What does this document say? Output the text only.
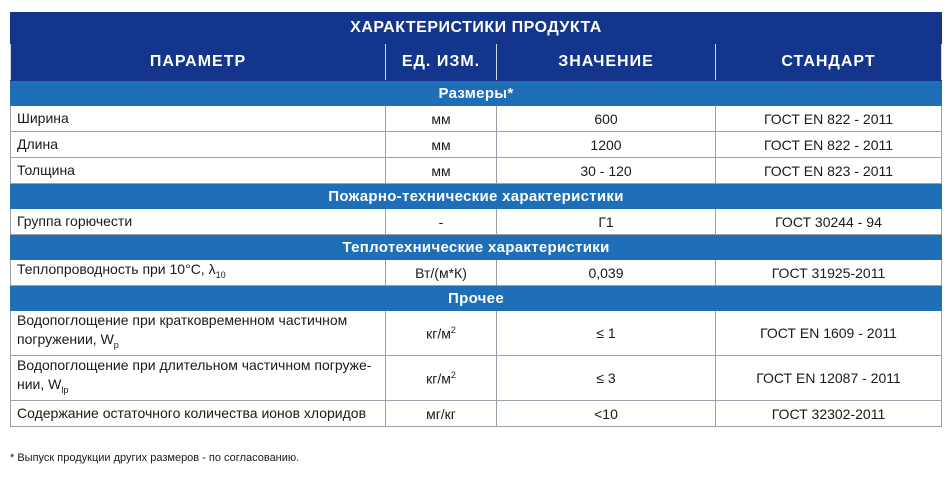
ХАРАКТЕРИСТИКИ ПРОДУКТА			
ПАРАМЕТР	ЕД. ИЗМ.	ЗНАЧЕНИЕ	СТАНДАРТ
Размеры*			
Ширина	мм	600	ГОСТ EN 822 - 2011
Длина	мм	1200	ГОСТ EN 822 - 2011
Толщина	мм	30 - 120	ГОСТ EN 823 - 2011
Пожарно-технические характеристики			
Группа горючести	-	Г1	ГОСТ 30244 - 94
Теплотехнические характеристики			
Теплопроводность при 10°С, $\lambda_{10}$	Вт/(м*К)	0,039	ГОСТ 31925-2011
Прочее			
Водопоглощение при кратковременном частичном
погружении, $W_p$	$кг/м^2$	≤ 1	ГОСТ EN 1609 - 2011
Водопоглощение при длительном частичном погруже-
нии, $W_{lp}$	$кг/м^2$	≤ 3	ГОСТ EN 12087 - 2011
Содержание остаточного количества ионов хлоридов	мг/кг	<10	ГОСТ 32302-2011
* Выпуск продукции других размеров - по согласованию.
